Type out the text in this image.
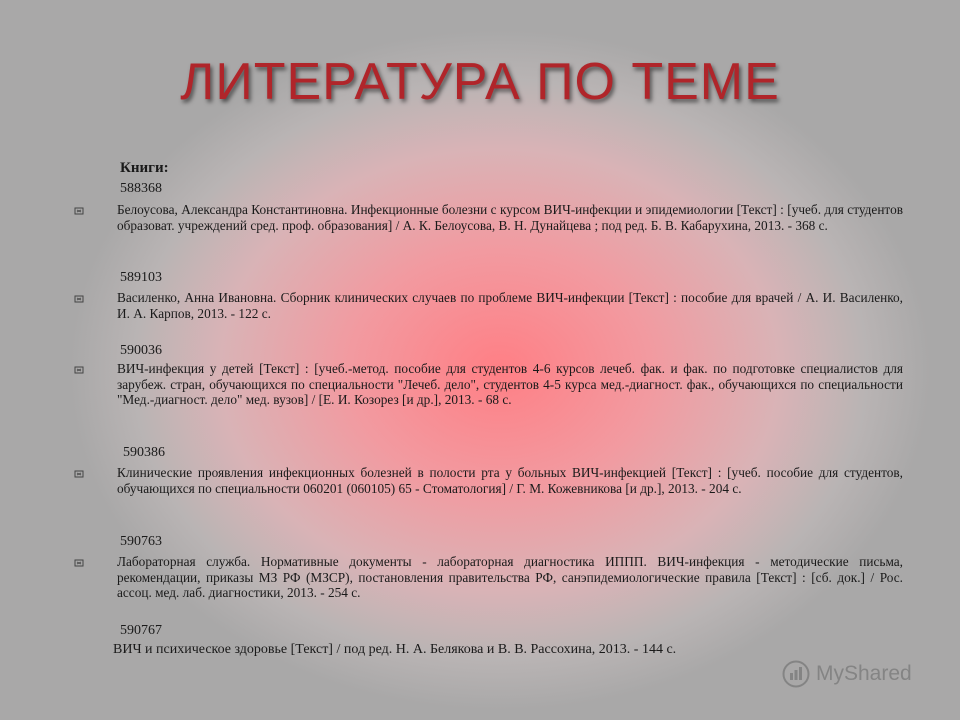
ЛИТЕРАТУРА ПО ТЕМЕ
Книги:
588368
Белоусова, Александра Константиновна. Инфекционные болезни с курсом ВИЧ-инфекции и эпидемиологии [Текст] : [учеб. для студентов образоват. учреждений сред. проф. образования] / А. К. Белоусова, В. Н. Дунайцева ; под ред. Б. В. Кабарухина, 2013. - 368 с.
589103
Василенко, Анна Ивановна. Сборник клинических случаев по проблеме ВИЧ-инфекции [Текст] : пособие для врачей / А. И. Василенко, И. А. Карпов, 2013. - 122 с.
590036
ВИЧ-инфекция у детей [Текст] : [учеб.-метод. пособие для студентов 4-6 курсов лечеб. фак. и фак. по подготовке специалистов для зарубеж. стран, обучающихся по специальности "Лечеб. дело", студентов 4-5 курса мед.-диагност. фак., обучающихся по специальности "Мед.-диагност. дело" мед. вузов] / [Е. И. Козорез [и др.], 2013. - 68 с.
590386
Клинические проявления инфекционных болезней в полости рта у больных ВИЧ-инфекцией [Текст] : [учеб. пособие для студентов, обучающихся по специальности 060201 (060105) 65 - Стоматология] / Г. М. Кожевникова [и др.], 2013. - 204 с.
590763
Лабораторная служба. Нормативные документы - лабораторная диагностика ИППП. ВИЧ-инфекция - методические письма, рекомендации, приказы МЗ РФ (МЗСР), постановления правительства РФ, санэпидемиологические правила [Текст] : [сб. док.] / Рос. ассоц. мед. лаб. диагностики, 2013. - 254 с.
590767
ВИЧ и психическое здоровье [Текст] / под ред. Н. А. Белякова и В. В. Рассохина, 2013. - 144 с.
MyShared
